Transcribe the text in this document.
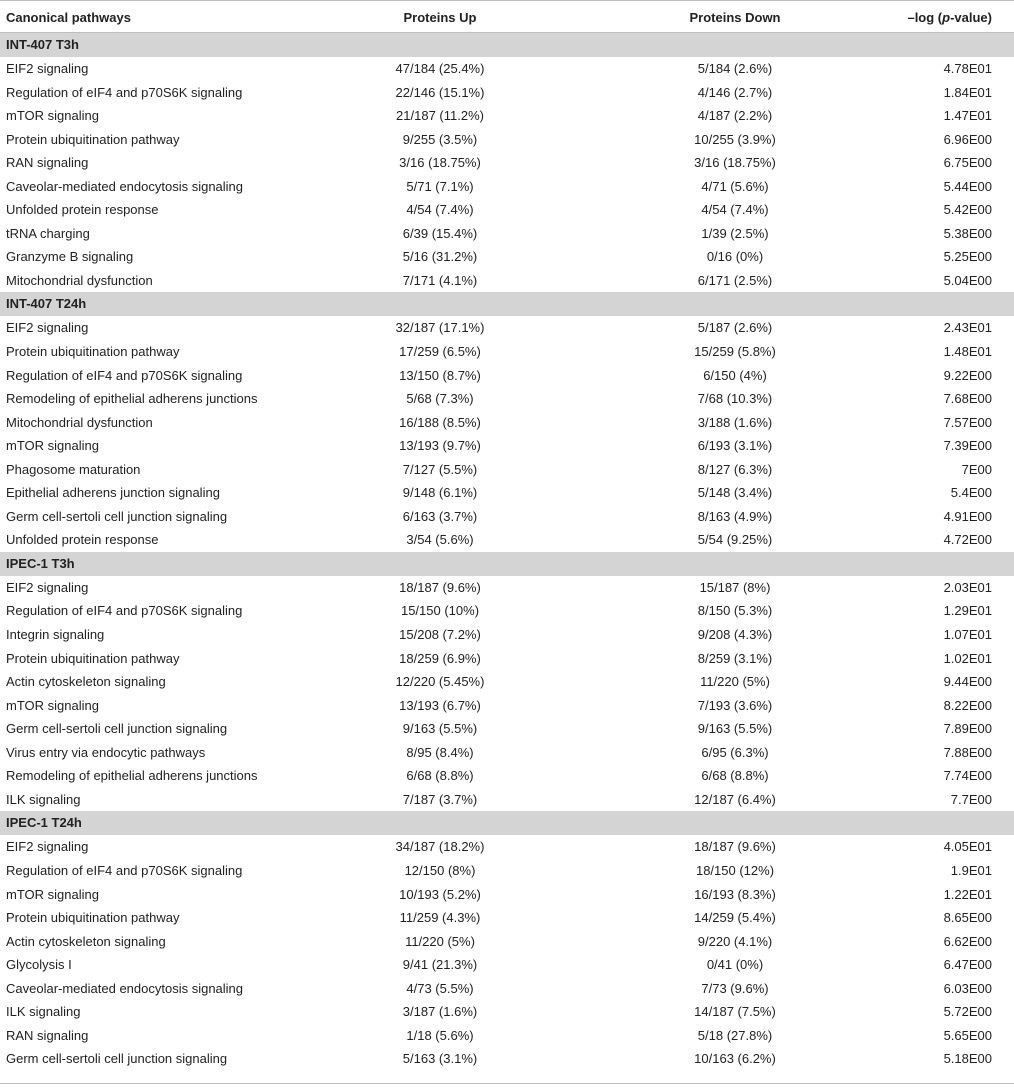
Canonical pathways	Proteins Up	Proteins Down	–log (p-value)
INT-407 T3h
EIF2 signaling	47/184 (25.4%)	5/184 (2.6%)	4.78E01
Regulation of eIF4 and p70S6K signaling	22/146 (15.1%)	4/146 (2.7%)	1.84E01
mTOR signaling	21/187 (11.2%)	4/187 (2.2%)	1.47E01
Protein ubiquitination pathway	9/255 (3.5%)	10/255 (3.9%)	6.96E00
RAN signaling	3/16 (18.75%)	3/16 (18.75%)	6.75E00
Caveolar-mediated endocytosis signaling	5/71 (7.1%)	4/71 (5.6%)	5.44E00
Unfolded protein response	4/54 (7.4%)	4/54 (7.4%)	5.42E00
tRNA charging	6/39 (15.4%)	1/39 (2.5%)	5.38E00
Granzyme B signaling	5/16 (31.2%)	0/16 (0%)	5.25E00
Mitochondrial dysfunction	7/171 (4.1%)	6/171 (2.5%)	5.04E00
INT-407 T24h
EIF2 signaling	32/187 (17.1%)	5/187 (2.6%)	2.43E01
Protein ubiquitination pathway	17/259 (6.5%)	15/259 (5.8%)	1.48E01
Regulation of eIF4 and p70S6K signaling	13/150 (8.7%)	6/150 (4%)	9.22E00
Remodeling of epithelial adherens junctions	5/68 (7.3%)	7/68 (10.3%)	7.68E00
Mitochondrial dysfunction	16/188 (8.5%)	3/188 (1.6%)	7.57E00
mTOR signaling	13/193 (9.7%)	6/193 (3.1%)	7.39E00
Phagosome maturation	7/127 (5.5%)	8/127 (6.3%)	7E00
Epithelial adherens junction signaling	9/148 (6.1%)	5/148 (3.4%)	5.4E00
Germ cell-sertoli cell junction signaling	6/163 (3.7%)	8/163 (4.9%)	4.91E00
Unfolded protein response	3/54 (5.6%)	5/54 (9.25%)	4.72E00
IPEC-1 T3h
EIF2 signaling	18/187 (9.6%)	15/187 (8%)	2.03E01
Regulation of eIF4 and p70S6K signaling	15/150 (10%)	8/150 (5.3%)	1.29E01
Integrin signaling	15/208 (7.2%)	9/208 (4.3%)	1.07E01
Protein ubiquitination pathway	18/259 (6.9%)	8/259 (3.1%)	1.02E01
Actin cytoskeleton signaling	12/220 (5.45%)	11/220 (5%)	9.44E00
mTOR signaling	13/193 (6.7%)	7/193 (3.6%)	8.22E00
Germ cell-sertoli cell junction signaling	9/163 (5.5%)	9/163 (5.5%)	7.89E00
Virus entry via endocytic pathways	8/95 (8.4%)	6/95 (6.3%)	7.88E00
Remodeling of epithelial adherens junctions	6/68 (8.8%)	6/68 (8.8%)	7.74E00
ILK signaling	7/187 (3.7%)	12/187 (6.4%)	7.7E00
IPEC-1 T24h
EIF2 signaling	34/187 (18.2%)	18/187 (9.6%)	4.05E01
Regulation of eIF4 and p70S6K signaling	12/150 (8%)	18/150 (12%)	1.9E01
mTOR signaling	10/193 (5.2%)	16/193 (8.3%)	1.22E01
Protein ubiquitination pathway	11/259 (4.3%)	14/259 (5.4%)	8.65E00
Actin cytoskeleton signaling	11/220 (5%)	9/220 (4.1%)	6.62E00
Glycolysis I	9/41 (21.3%)	0/41 (0%)	6.47E00
Caveolar-mediated endocytosis signaling	4/73 (5.5%)	7/73 (9.6%)	6.03E00
ILK signaling	3/187 (1.6%)	14/187 (7.5%)	5.72E00
RAN signaling	1/18 (5.6%)	5/18 (27.8%)	5.65E00
Germ cell-sertoli cell junction signaling	5/163 (3.1%)	10/163 (6.2%)	5.18E00
